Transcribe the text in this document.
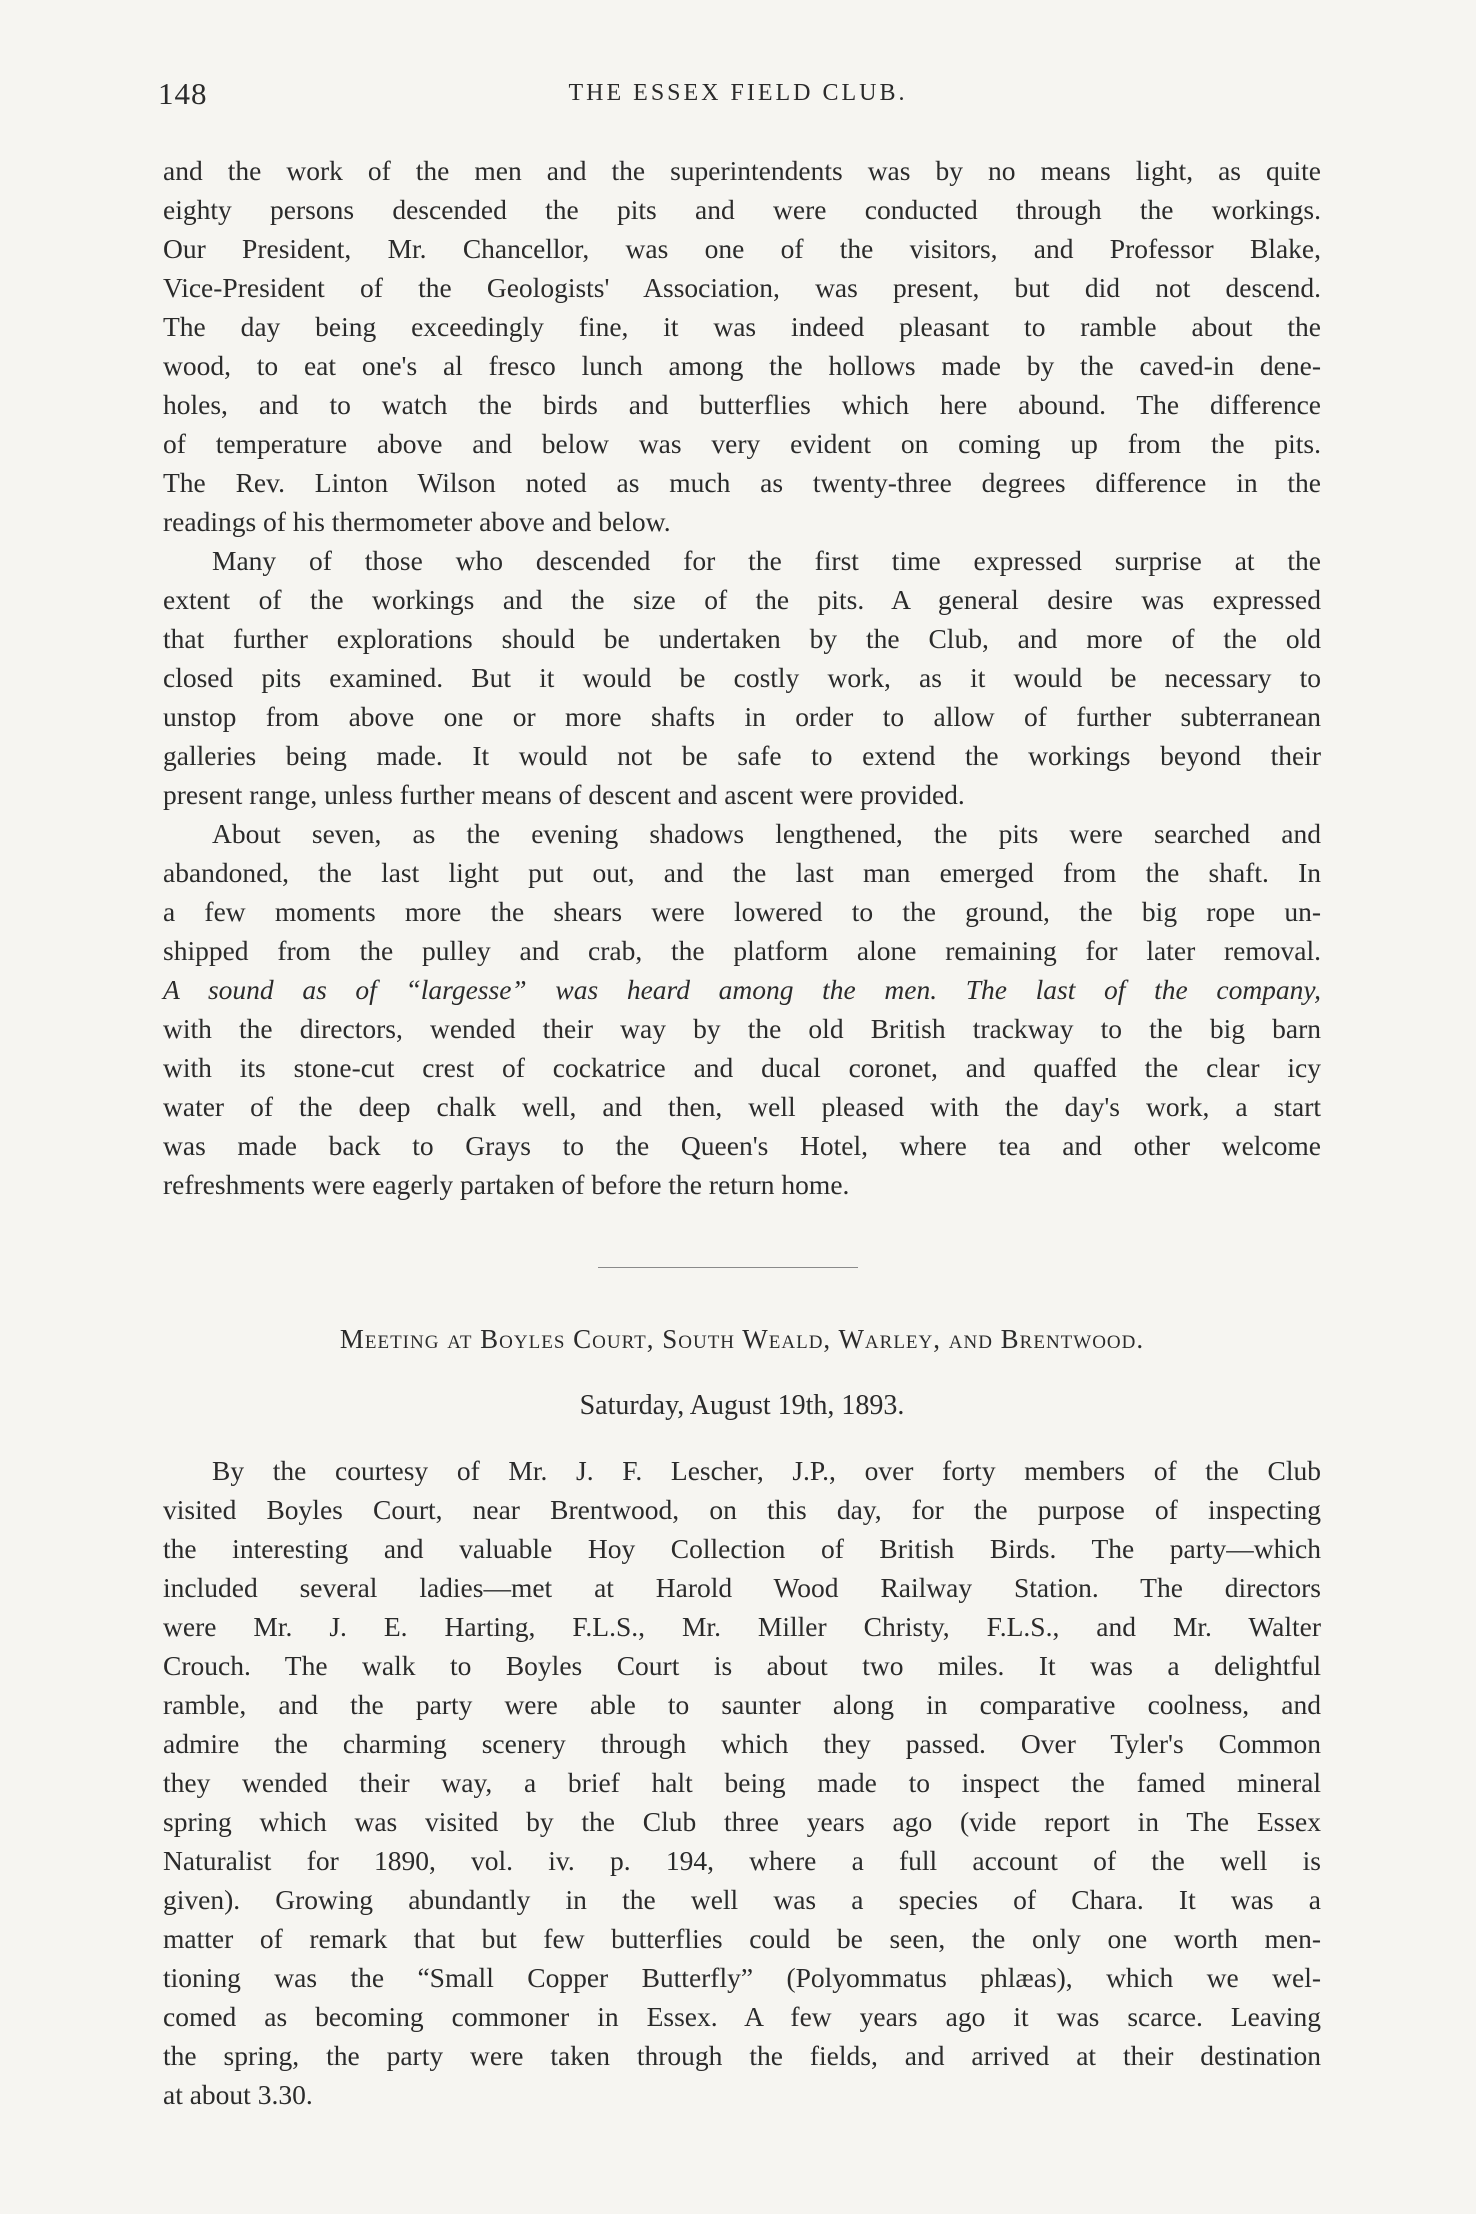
148	THE ESSEX FIELD CLUB.
and the work of the men and the superintendents was by no means light, as quite
eighty persons descended the pits and were conducted through the workings.
Our President, Mr. Chancellor, was one of the visitors, and Professor Blake,
Vice-President of the Geologists' Association, was present, but did not descend.
The day being exceedingly fine, it was indeed pleasant to ramble about the
wood, to eat one's al fresco lunch among the hollows made by the caved-in dene-
holes, and to watch the birds and butterflies which here abound. The difference
of temperature above and below was very evident on coming up from the pits.
The Rev. Linton Wilson noted as much as twenty-three degrees difference in the
readings of his thermometer above and below.
Many of those who descended for the first time expressed surprise at the
extent of the workings and the size of the pits. A general desire was expressed
that further explorations should be undertaken by the Club, and more of the old
closed pits examined. But it would be costly work, as it would be necessary to
unstop from above one or more shafts in order to allow of further subterranean
galleries being made. It would not be safe to extend the workings beyond their
present range, unless further means of descent and ascent were provided.
About seven, as the evening shadows lengthened, the pits were searched and
abandoned, the last light put out, and the last man emerged from the shaft. In
a few moments more the shears were lowered to the ground, the big rope un-
shipped from the pulley and crab, the platform alone remaining for later removal.
A sound as of “largesse” was heard among the men. The last of the company,
with the directors, wended their way by the old British trackway to the big barn
with its stone-cut crest of cockatrice and ducal coronet, and quaffed the clear icy
water of the deep chalk well, and then, well pleased with the day's work, a start
was made back to Grays to the Queen's Hotel, where tea and other welcome
refreshments were eagerly partaken of before the return home.
Meeting at Boyles Court, South Weald, Warley, and Brentwood.
Saturday, August 19th, 1893.
By the courtesy of Mr. J. F. Lescher, J.P., over forty members of the Club
visited Boyles Court, near Brentwood, on this day, for the purpose of inspecting
the interesting and valuable Hoy Collection of British Birds. The party—which
included several ladies—met at Harold Wood Railway Station. The directors
were Mr. J. E. Harting, F.L.S., Mr. Miller Christy, F.L.S., and Mr. Walter
Crouch. The walk to Boyles Court is about two miles. It was a delightful
ramble, and the party were able to saunter along in comparative coolness, and
admire the charming scenery through which they passed. Over Tyler's Common
they wended their way, a brief halt being made to inspect the famed mineral
spring which was visited by the Club three years ago (vide report in The Essex
Naturalist for 1890, vol. iv. p. 194, where a full account of the well is
given). Growing abundantly in the well was a species of Chara. It was a
matter of remark that but few butterflies could be seen, the only one worth men-
tioning was the “Small Copper Butterfly” (Polyommatus phlæas), which we wel-
comed as becoming commoner in Essex. A few years ago it was scarce. Leaving
the spring, the party were taken through the fields, and arrived at their destination
at about 3.30.
